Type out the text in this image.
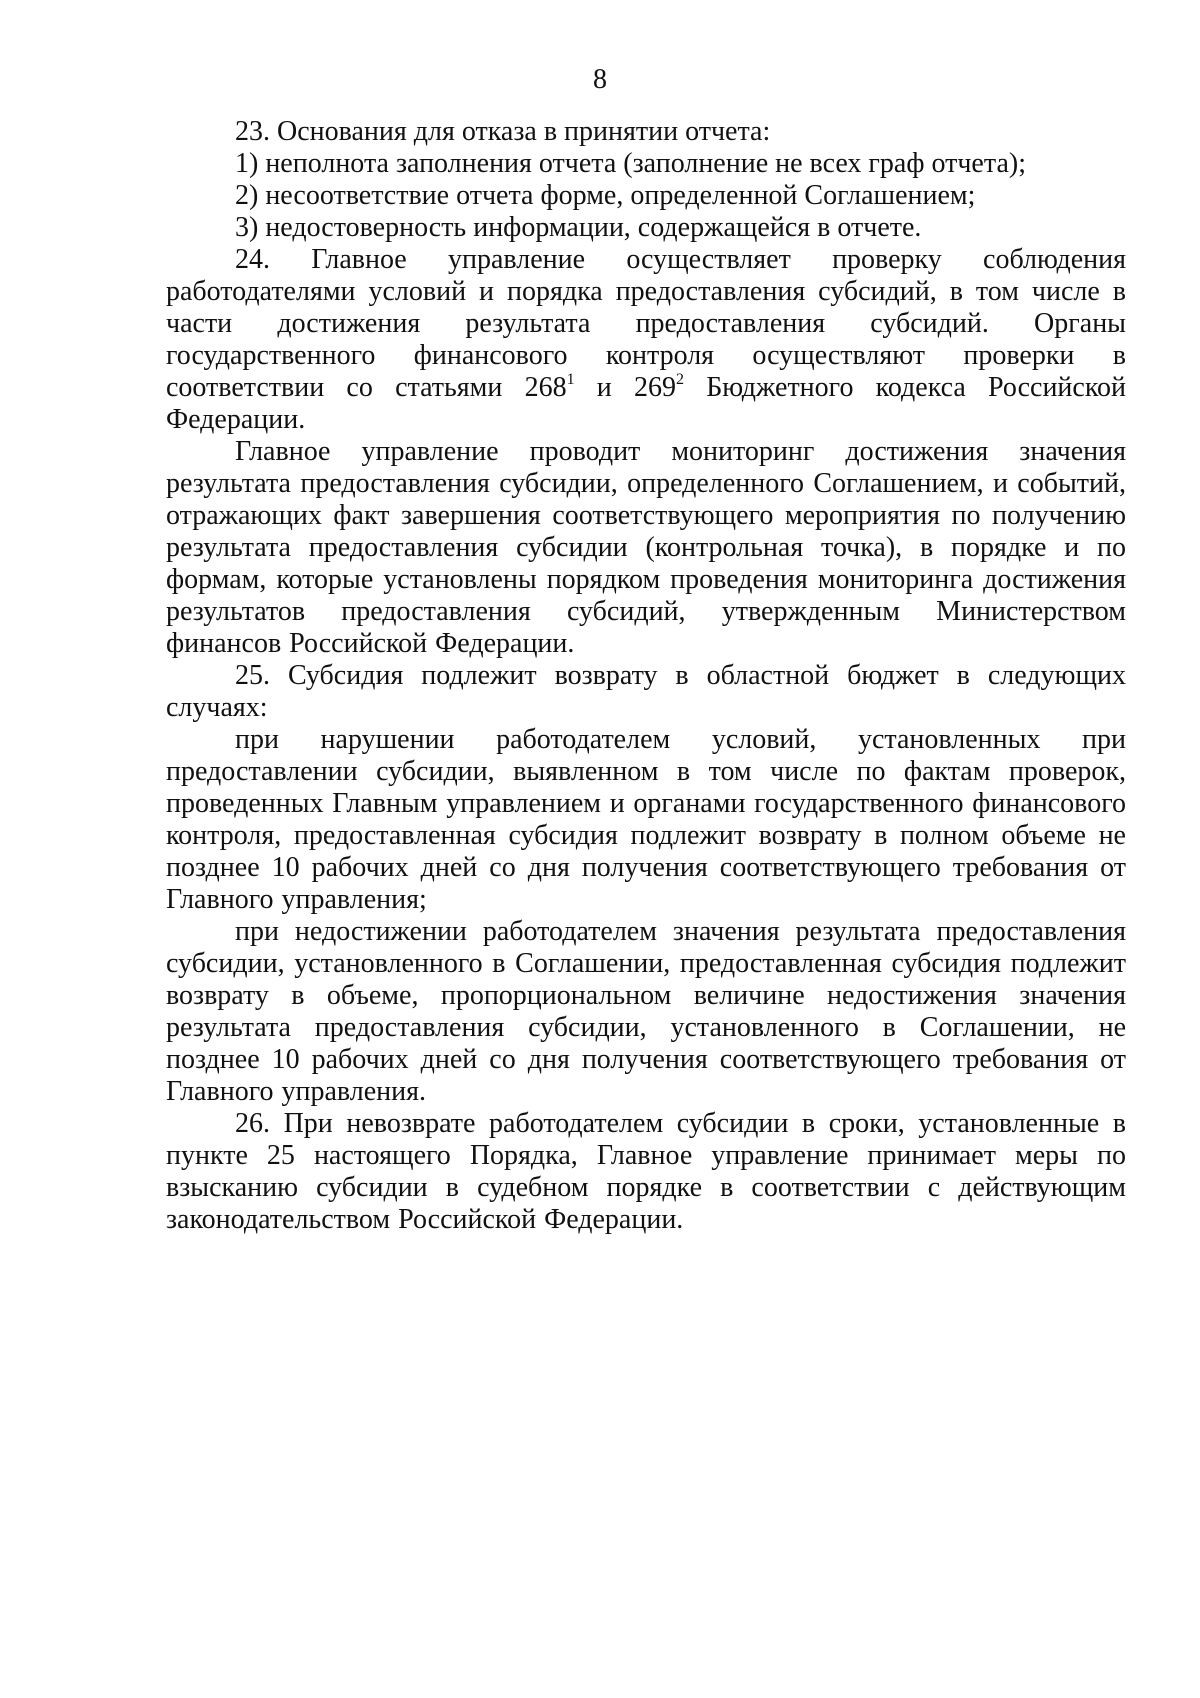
8

23. Основания для отказа в принятии отчета:

1) неполнота заполнения отчета (заполнение не всех граф отчета);

2) несоответствие отчета форме, определенной Соглашением;

3) недостоверность информации, содержащейся в отчете.

24. Главное управление осуществляет проверку соблюдения работодателями условий и порядка предоставления субсидий, в том числе в части достижения результата предоставления субсидий. Органы государственного финансового контроля осуществляют проверки в соответствии со статьями $268^1$ и $269^2$ Бюджетного кодекса Российской Федерации.

Главное управление проводит мониторинг достижения значения результата предоставления субсидии, определенного Соглашением, и событий, отражающих факт завершения соответствующего мероприятия по получению результата предоставления субсидии (контрольная точка), в порядке и по формам, которые установлены порядком проведения мониторинга достижения результатов предоставления субсидий, утвержденным Министерством финансов Российской Федерации.

25. Субсидия подлежит возврату в областной бюджет в следующих случаях:

при нарушении работодателем условий, установленных при предоставлении субсидии, выявленном в том числе по фактам проверок, проведенных Главным управлением и органами государственного финансового контроля, предоставленная субсидия подлежит возврату в полном объеме не позднее 10 рабочих дней со дня получения соответствующего требования от Главного управления;

при недостижении работодателем значения результата предоставления субсидии, установленного в Соглашении, предоставленная субсидия подлежит возврату в объеме, пропорциональном величине недостижения значения результата предоставления субсидии, установленного в Соглашении, не позднее 10 рабочих дней со дня получения соответствующего требования от Главного управления.

26. При невозврате работодателем субсидии в сроки, установленные в пункте 25 настоящего Порядка, Главное управление принимает меры по взысканию субсидии в судебном порядке в соответствии с действующим законодательством Российской Федерации.
